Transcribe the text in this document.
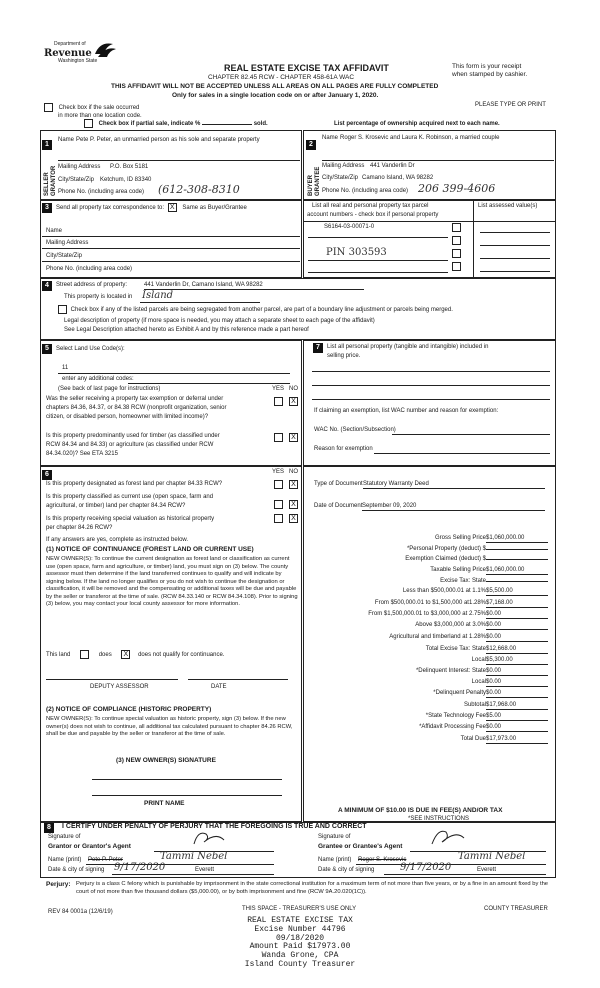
Department of
Revenue
Washington State
REAL ESTATE EXCISE TAX AFFIDAVIT
CHAPTER 82.45 RCW - CHAPTER 458-61A WAC
THIS AFFIDAVIT WILL NOT BE ACCEPTED UNLESS ALL AREAS ON ALL PAGES ARE FULLY COMPLETED
Only for sales in a single location code on or after January 1, 2020.
This form is your receipt
when stamped by cashier.
PLEASE TYPE OR PRINT
Check box if the sale occurred
in more than one location code.
Check box if partial sale, indicate %	sold.	List percentage of ownership acquired next to each name.
1
SELLER GRANTOR
Name Pete P. Peter, an unmarried person as his sole and separate property
Mailing Address P.O. Box 5181
City/State/Zip Ketchum, ID 83340
Phone No. (including area code) (612-308-8310
2
BUYER GRANTEE
Name Roger S. Krosevic and Laura K. Robinson, a married couple
Mailing Address 441 Vanderlin Dr
City/State/Zip Camano Island, WA 98282
Phone No. (including area code) 206 399-4606
3	Send all property tax correspondence to: X Same as Buyer/Grantee
Name
Mailing Address
City/State/Zip
Phone No. (including area code)
List all real and personal property tax parcel
account numbers - check box if personal property
List assessed value(s)
S6164-03-00071-0
PIN 303593
4	Street address of property:	441 Vanderlin Dr, Camano Island, WA 98282
This property is located in Island
Check box if any of the listed parcels are being segregated from another parcel, are part of a boundary line adjustment or parcels being merged.
Legal description of property (if more space is needed, you may attach a separate sheet to each page of the affidavit)
See Legal Description attached hereto as Exhibit A and by this reference made a part hereof
5	Select Land Use Code(s):
11
enter any additional codes:
(See back of last page for instructions)	YES NO
Was the seller receiving a property tax exemption or deferral under
chapters 84.36, 84.37, or 84.38 RCW (nonprofit organization, senior
citizen, or disabled person, homeowner with limited income)?
X
Is this property predominantly used for timber (as classified under
RCW 84.34 and 84.33) or agriculture (as classified under RCW
84.34.020)? See ETA 3215
X
7	List all personal property (tangible and intangible) included in
selling price.
If claiming an exemption, list WAC number and reason for exemption:
WAC No. (Section/Subsection)
Reason for exemption
6	YES NO
Is this property designated as forest land per chapter 84.33 RCW?	X
Is this property classified as current use (open space, farm and
agricultural, or timber) land per chapter 84.34 RCW?	X
Is this property receiving special valuation as historical property
per chapter 84.26 RCW?
X
If any answers are yes, complete as instructed below.
(1) NOTICE OF CONTINUANCE (FOREST LAND OR CURRENT USE)
NEW OWNER(S): To continue the current designation as forest land or classification as current use (open space, farm and agriculture, or timber) land, you must sign on (3) below. The county assessor must then determine if the land transferred continues to qualify and will indicate by signing below. If the land no longer qualifies or you do not wish to continue the designation or classification, it will be removed and the compensating or additional taxes will be due and payable by the seller or transferor at the time of sale. (RCW 84.33.140 or RCW 84.34.108). Prior to signing (3) below, you may contact your local county assessor for more information.
This land	does X does not qualify for continuance.
DEPUTY ASSESSOR	DATE
(2) NOTICE OF COMPLIANCE (HISTORIC PROPERTY)
NEW OWNER(S): To continue special valuation as historic property, sign (3) below. If the new owner(s) does not wish to continue, all additional tax calculated pursuant to chapter 84.26 RCW, shall be due and payable by the seller or transferor at the time of sale.
(3) NEW OWNER(S) SIGNATURE
PRINT NAME
Type of Document Statutory Warranty Deed
Date of Document September 09, 2020
Gross Selling Price$1,060,000.00
*Personal Property (deduct) $
Exemption Claimed (deduct) $
Taxable Selling Price$1,060,000.00
Excise Tax: State
Less than $500,000.01 at 1.1%$5,500.00
From $500,000.01 to $1,500,000 at1.28%$7,168.00
From $1,500,000.01 to $3,000,000 at 2.75%$0.00
Above $3,000,000 at 3.0%$0.00
Agricultural and timberland at 1.28%$0.00
Total Excise Tax: State$12,668.00
Local$5,300.00
*Delinquent Interest: State$0.00
Local$0.00
*Delinquent Penalty$0.00
Subtotal$17,968.00
*State Technology Fee$5.00
*Affidavit Processing Fee$0.00
Total Due$17,973.00
A MINIMUM OF $10.00 IS DUE IN FEE(S) AND/OR TAX
*SEE INSTRUCTIONS
8	I CERTIFY UNDER PENALTY OF PERJURY THAT THE FOREGOING IS TRUE AND CORRECT
Signature of
Grantor or Grantor's Agent
Name (print) Pete P. Peter	Tammi Nebel
Date & city of signing 9/17/2020	Everett
Signature of
Grantee or Grantee's Agent
Name (print) Roger S. Krosevic	Tammi Nebel
Date & city of signing	9/17/2020	Everett
Perjury: Perjury is a class C felony which is punishable by imprisonment in the state correctional institution for a maximum term of not more than five years, or by a fine in an amount fixed by the court of not more than five thousand dollars ($5,000.00), or by both imprisonment and fine (RCW 9A.20.020(1C)).
REV 84 0001a (12/6/19)	THIS SPACE - TREASURER'S USE ONLY	COUNTY TREASURER
REAL ESTATE EXCISE TAX
Excise Number 44796
09/18/2020
Amount Paid $17973.00
Wanda Grone, CPA
Island County Treasurer
